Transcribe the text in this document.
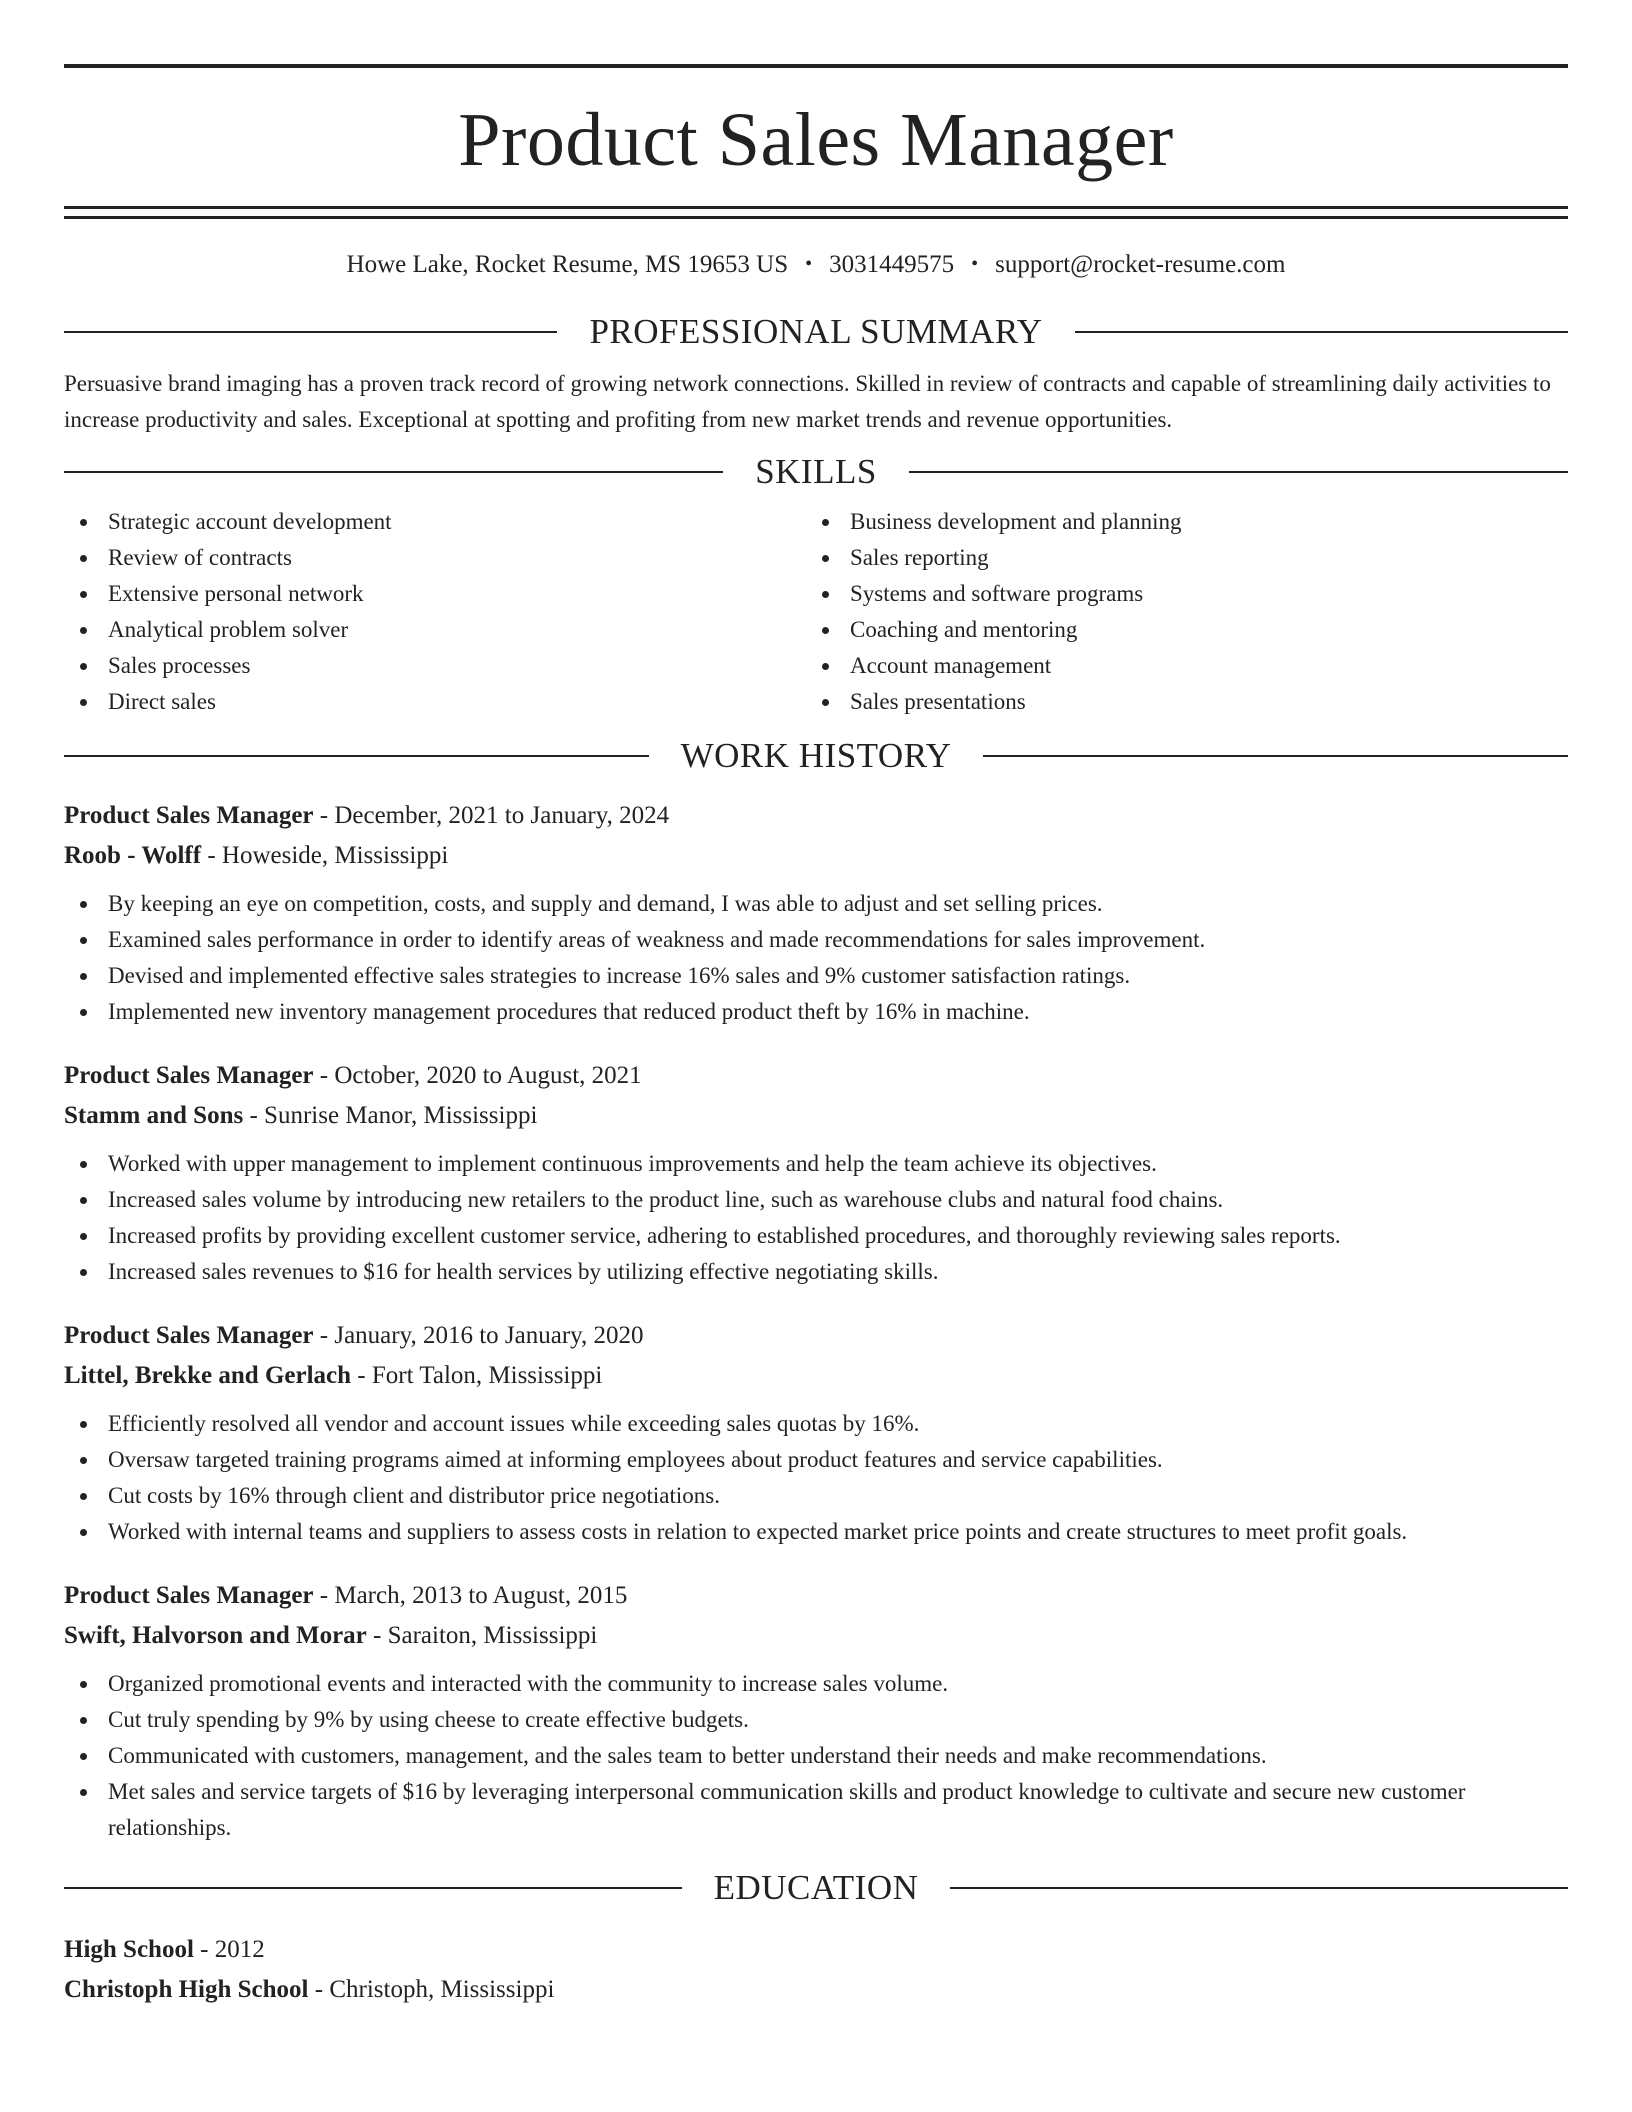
Product Sales Manager
Howe Lake, Rocket Resume, MS 19653 US • 3031449575 • support@rocket-resume.com
PROFESSIONAL SUMMARY
Persuasive brand imaging has a proven track record of growing network connections. Skilled in review of contracts and capable of streamlining daily activities to increase productivity and sales. Exceptional at spotting and profiting from new market trends and revenue opportunities.
SKILLS
Strategic account development
Review of contracts
Extensive personal network
Analytical problem solver
Sales processes
Direct sales
Business development and planning
Sales reporting
Systems and software programs
Coaching and mentoring
Account management
Sales presentations
WORK HISTORY
Product Sales Manager - December, 2021 to January, 2024
Roob - Wolff - Howeside, Mississippi
By keeping an eye on competition, costs, and supply and demand, I was able to adjust and set selling prices.
Examined sales performance in order to identify areas of weakness and made recommendations for sales improvement.
Devised and implemented effective sales strategies to increase 16% sales and 9% customer satisfaction ratings.
Implemented new inventory management procedures that reduced product theft by 16% in machine.
Product Sales Manager - October, 2020 to August, 2021
Stamm and Sons - Sunrise Manor, Mississippi
Worked with upper management to implement continuous improvements and help the team achieve its objectives.
Increased sales volume by introducing new retailers to the product line, such as warehouse clubs and natural food chains.
Increased profits by providing excellent customer service, adhering to established procedures, and thoroughly reviewing sales reports.
Increased sales revenues to $16 for health services by utilizing effective negotiating skills.
Product Sales Manager - January, 2016 to January, 2020
Littel, Brekke and Gerlach - Fort Talon, Mississippi
Efficiently resolved all vendor and account issues while exceeding sales quotas by 16%.
Oversaw targeted training programs aimed at informing employees about product features and service capabilities.
Cut costs by 16% through client and distributor price negotiations.
Worked with internal teams and suppliers to assess costs in relation to expected market price points and create structures to meet profit goals.
Product Sales Manager - March, 2013 to August, 2015
Swift, Halvorson and Morar - Saraiton, Mississippi
Organized promotional events and interacted with the community to increase sales volume.
Cut truly spending by 9% by using cheese to create effective budgets.
Communicated with customers, management, and the sales team to better understand their needs and make recommendations.
Met sales and service targets of $16 by leveraging interpersonal communication skills and product knowledge to cultivate and secure new customer relationships.
EDUCATION
High School - 2012
Christoph High School - Christoph, Mississippi
